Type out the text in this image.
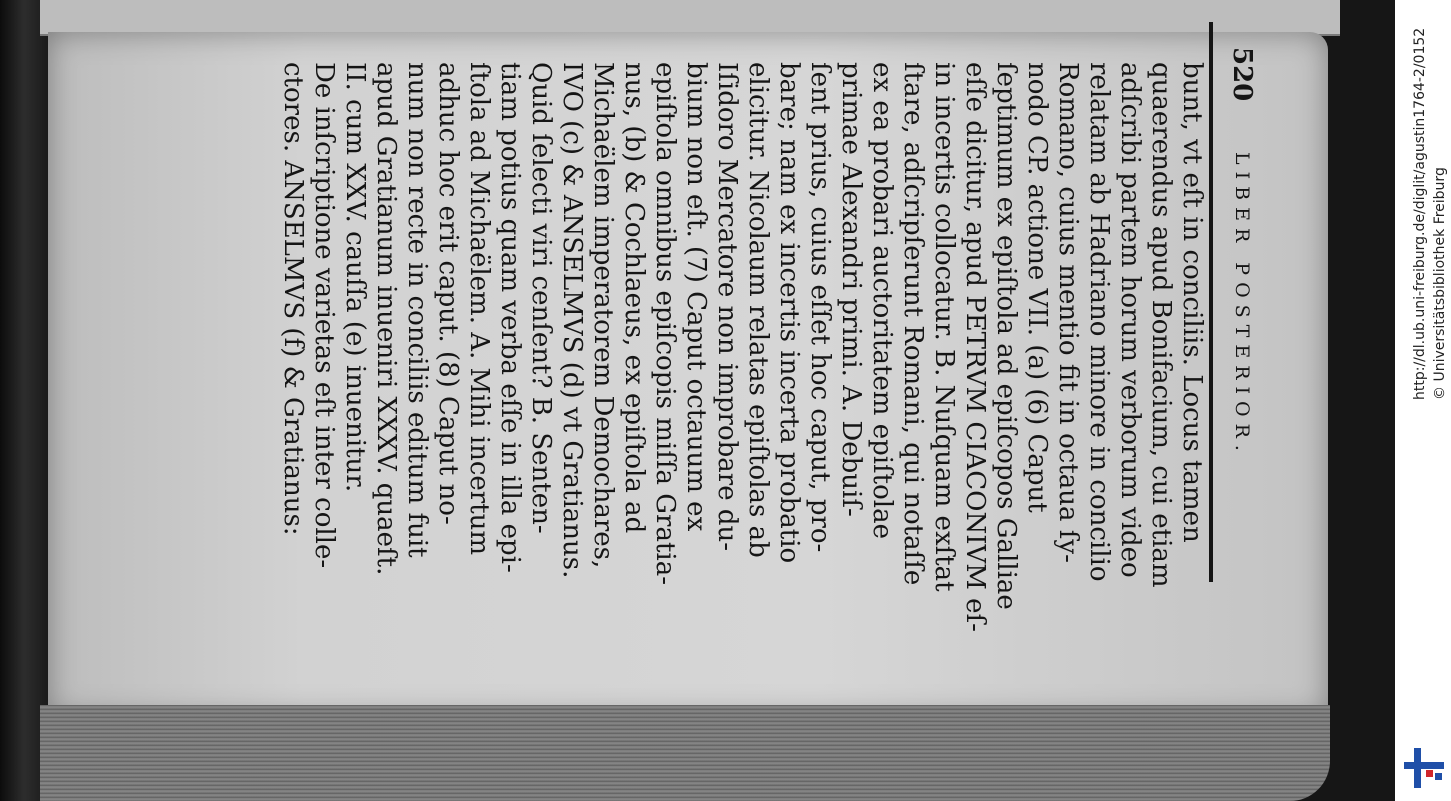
520
LIBER POSTERIOR.
bunt, vt eſt in conciliis. Locus tamen
quaerendus apud Bonifacium, cui etiam
adſcribi partem horum verborum video
relatam ab Hadriano minore in concilio
Romano, cuius mentio fit in octaua ſy-
nodo CP. actione VII. (a) (6) Caput
ſeptimum ex epiſtola ad epiſcopos Galliae
eſſe dicitur, apud PETRVM CIACONIVM eſ-
in incertis collocatur. B. Nuſquam exſtat
ſtare, adſcripſerunt Romani, qui notaſſe
ex ea probari auctoritatem epiſtolae
primae Alexandri primi. A. Debuiſ-
ſent prius, cuius eſſet hoc caput, pro-
bare; nam ex incertis incerta probatio
elicitur. Nicolaum relatas epiſtolas ab
Iſidoro Mercatore non improbare du-
bium non eſt. (7) Caput octauum ex
epiſtola omnibus epiſcopis miſſa Gratia-
nus, (b) & Cochlaeus, ex epiſtola ad
Michaëlem imperatorem Demochares,
IVO (c) & ANSELMVS (d) vt Gratianus.
Quid ſelecti viri cenſent? B. Senten-
tiam potius quam verba eſſe in illa epi-
ſtola ad Michaëlem. A. Mihi incertum
adhuc hoc erit caput. (8) Caput no-
num non recte in conciliis editum fuit
apud Gratianum inueniri XXXV. quaeſt.
II. cum XXV. cauſſa (e) inuenitur.
De inſcriptione varietas eſt inter colle-
ctores. ANSELMVS (f) & Gratianus:	http://dl.ub.uni-freiburg.de/diglit/agustin1764-2/0152 © Universitätsbibliothek Freiburg
